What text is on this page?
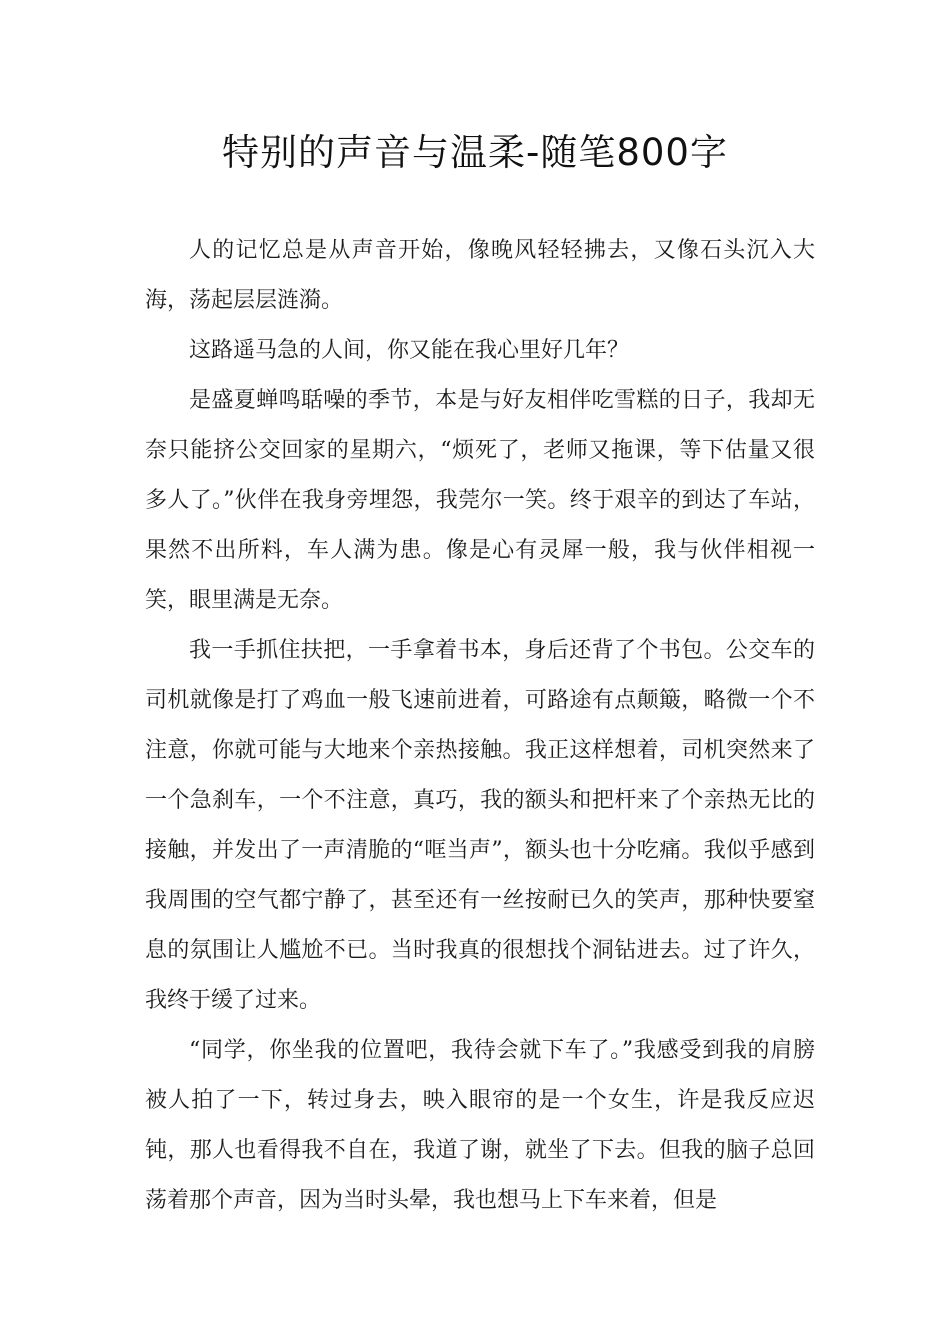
特别的声音与温柔-随笔800字

人的记忆总是从声音开始，像晚风轻轻拂去，又像石头沉入大海，荡起层层涟漪。

这路遥马急的人间，你又能在我心里好几年？

是盛夏蝉鸣聒噪的季节，本是与好友相伴吃雪糕的日子，我却无奈只能挤公交回家的星期六，“烦死了，老师又拖课，等下估量又很多人了。”伙伴在我身旁埋怨，我莞尔一笑。终于艰辛的到达了车站，果然不出所料，车人满为患。像是心有灵犀一般，我与伙伴相视一笑，眼里满是无奈。

我一手抓住扶把，一手拿着书本，身后还背了个书包。公交车的司机就像是打了鸡血一般飞速前进着，可路途有点颠簸，略微一个不注意，你就可能与大地来个亲热接触。我正这样想着，司机突然来了一个急刹车，一个不注意，真巧，我的额头和把杆来了个亲热无比的接触，并发出了一声清脆的“哐当声”，额头也十分吃痛。我似乎感到我周围的空气都宁静了，甚至还有一丝按耐已久的笑声，那种快要窒息的氛围让人尴尬不已。当时我真的很想找个洞钻进去。过了许久，我终于缓了过来。

“同学，你坐我的位置吧，我待会就下车了。”我感受到我的肩膀被人拍了一下，转过身去，映入眼帘的是一个女生，许是我反应迟钝，那人也看得我不自在，我道了谢，就坐了下去。但我的脑子总回荡着那个声音，因为当时头晕，我也想马上下车来着，但是
